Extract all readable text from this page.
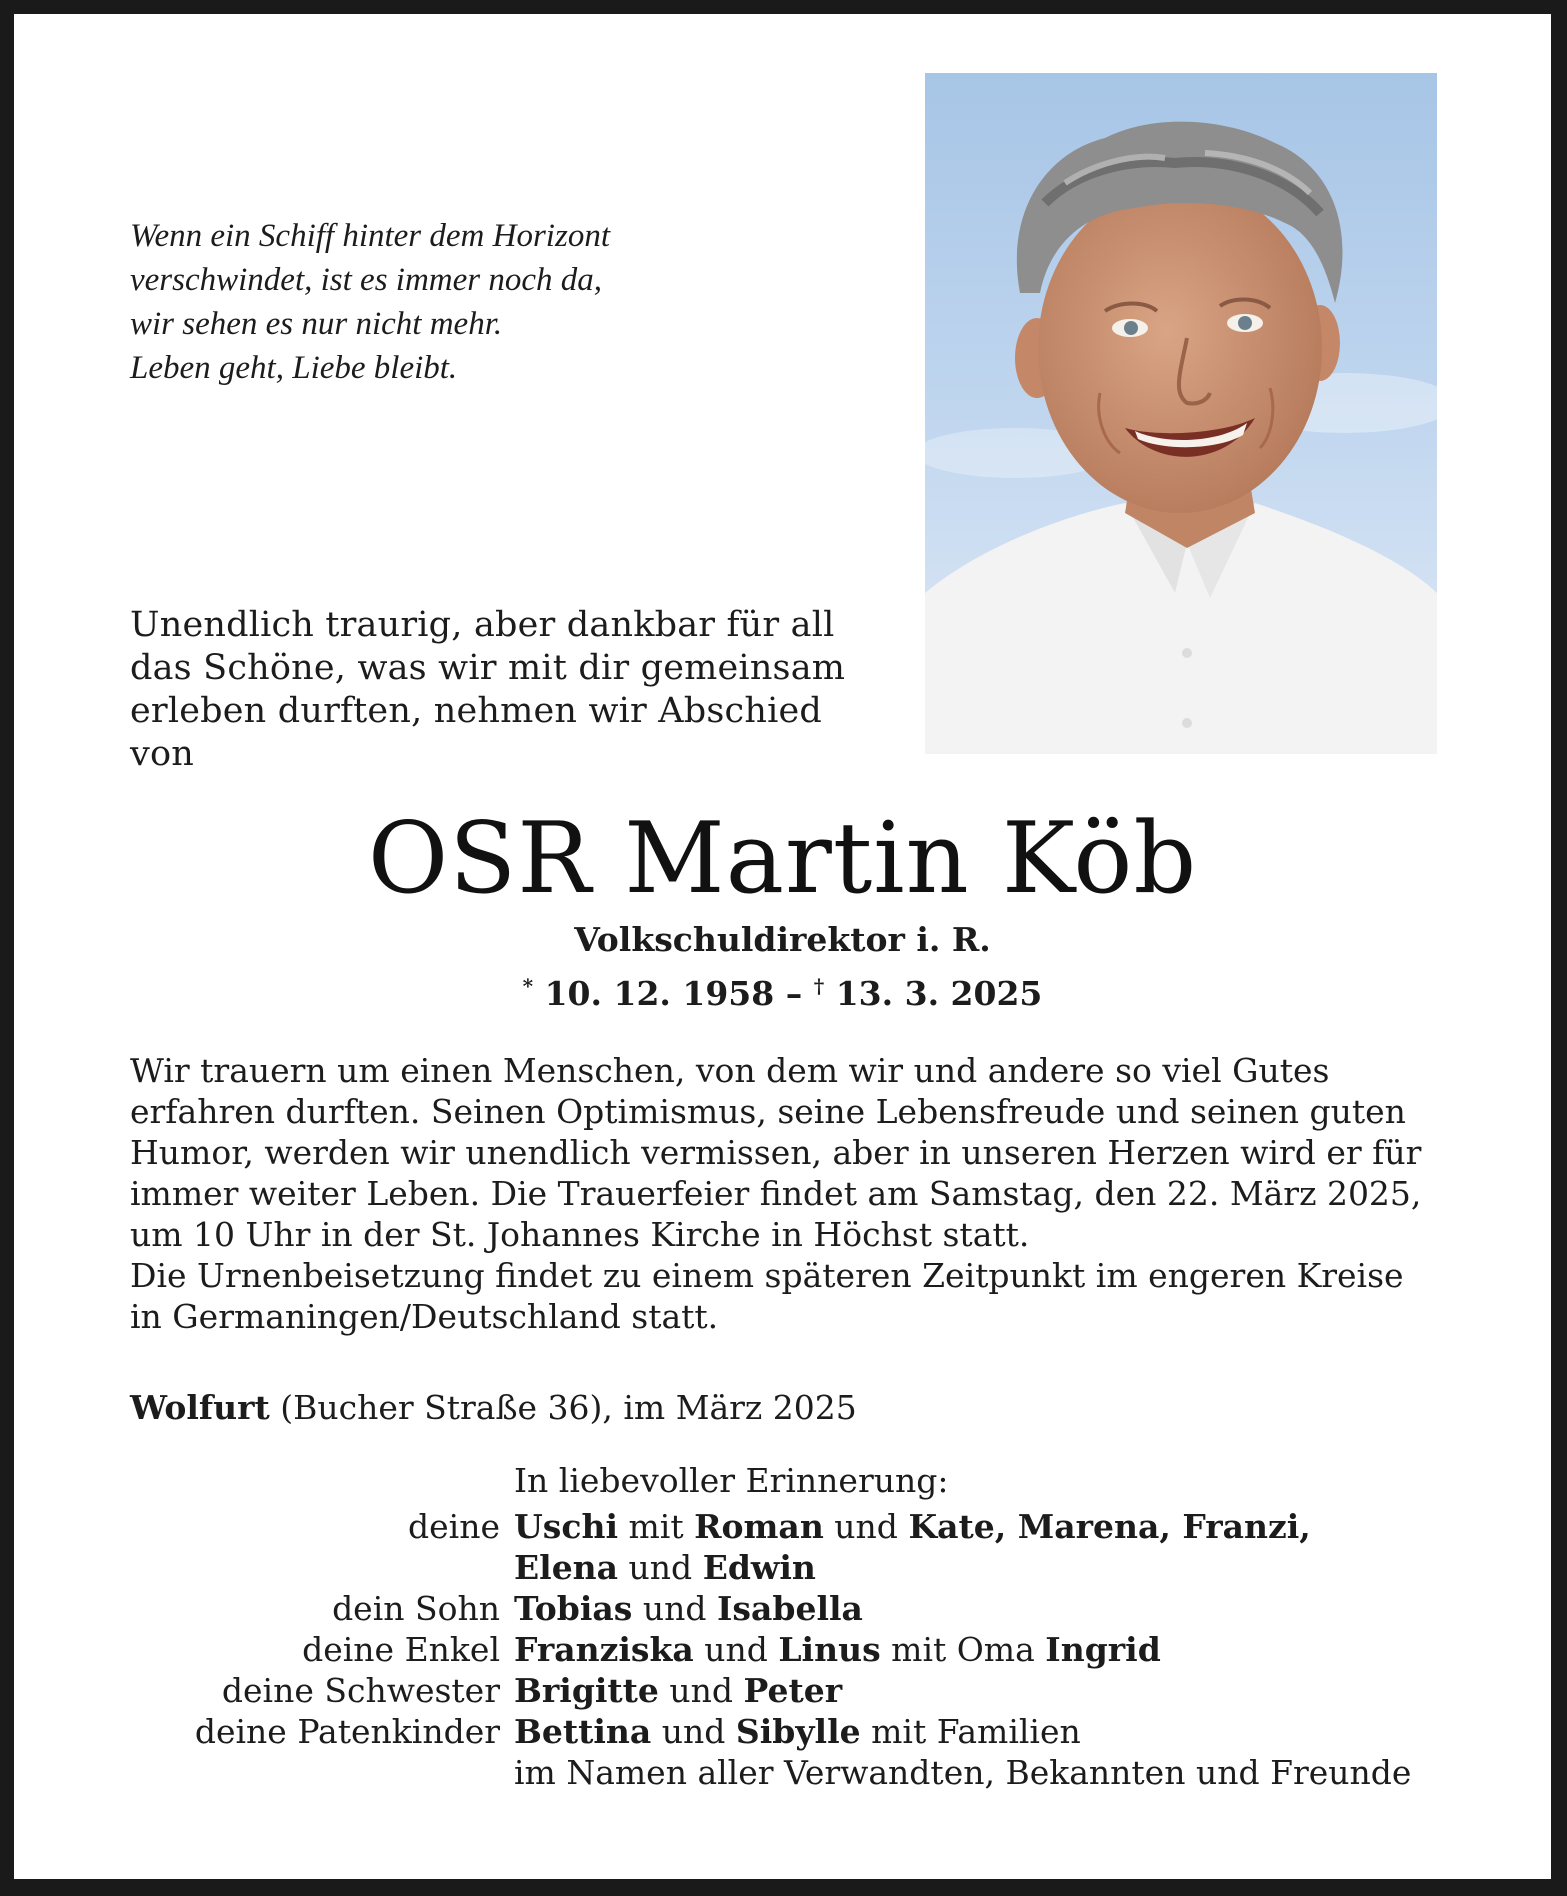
Wenn ein Schiff hinter dem Horizont
verschwindet, ist es immer noch da,
wir sehen es nur nicht mehr.
Leben geht, Liebe bleibt.
Unendlich traurig, aber dankbar für all
das Schöne, was wir mit dir gemeinsam
erleben durften, nehmen wir Abschied
von
OSR Martin Köb
Volkschuldirektor i. R.
* 10. 12. 1958 – † 13. 3. 2025
Wir trauern um einen Menschen, von dem wir und andere so viel Gutes
erfahren durften. Seinen Optimismus, seine Lebensfreude und seinen guten
Humor, werden wir unendlich vermissen, aber in unseren Herzen wird er für
immer weiter Leben. Die Trauerfeier findet am Samstag, den 22. März 2025,
um 10 Uhr in der St. Johannes Kirche in Höchst statt.
Die Urnenbeisetzung findet zu einem späteren Zeitpunkt im engeren Kreise
in Germaningen/Deutschland statt.
Wolfurt (Bucher Straße 36), im März 2025
In liebevoller Erinnerung:
deine Uschi mit Roman und Kate, Marena, Franzi,
Elena und Edwin
dein Sohn Tobias und Isabella
deine Enkel Franziska und Linus mit Oma Ingrid
deine Schwester Brigitte und Peter
deine Patenkinder Bettina und Sibylle mit Familien
im Namen aller Verwandten, Bekannten und Freunde
